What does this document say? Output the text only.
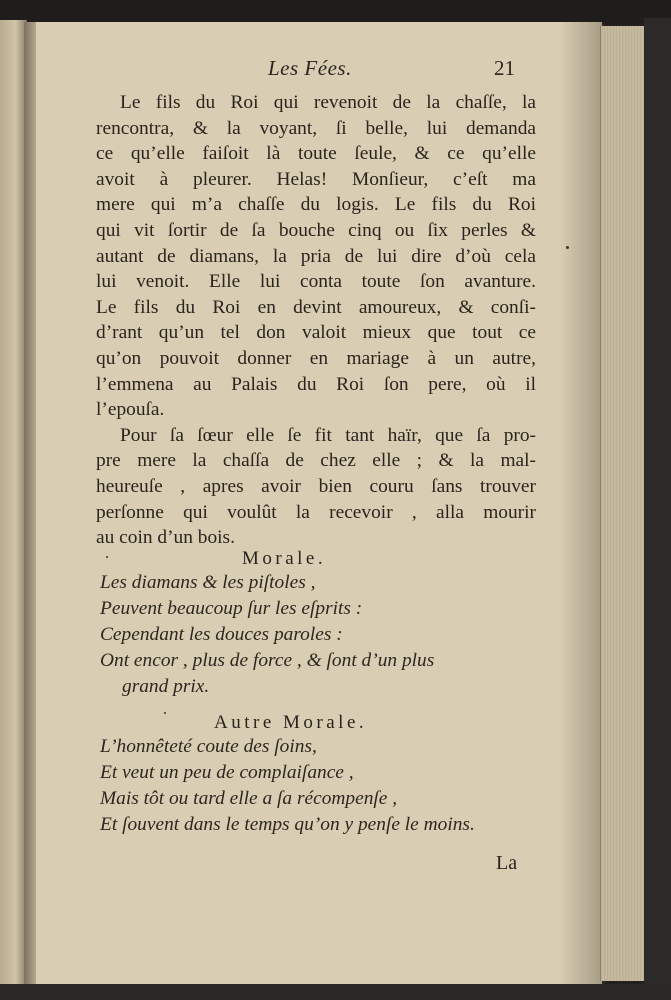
Les Fées.	21

Le fils du Roi qui revenoit de la chaſſe, la
rencontra, & la voyant, ſi belle, lui demanda
ce qu’elle faiſoit là toute ſeule, & ce qu’elle
avoit à pleurer. Helas! Monſieur, c’eſt ma
mere qui m’a chaſſe du logis. Le fils du Roi
qui vit ſortir de ſa bouche cinq ou ſix perles &
autant de diamans, la pria de lui dire d’où cela
lui venoit. Elle lui conta toute ſon avanture.
Le fils du Roi en devint amoureux, & conſi-
d’rant qu’un tel don valoit mieux que tout ce
qu’on pouvoit donner en mariage à un autre,
l’emmena au Palais du Roi ſon pere, où il
l’epouſa.

Pour ſa ſœur elle ſe fit tant haïr, que ſa pro-
pre mere la chaſſa de chez elle ; & la mal-
heureuſe , apres avoir bien couru ſans trouver
perſonne qui voulût la recevoir , alla mourir
au coin d’un bois.

Morale.
Les diamans & les piſtoles ,
Peuvent beaucoup ſur les eſprits :
Cependant les douces paroles :
Ont encor , plus de force , & ſont d’un plus
grand prix.
Autre Morale.
L’honnêteté coute des ſoins,
Et veut un peu de complaiſance ,
Mais tôt ou tard elle a ſa récompenſe ,
Et ſouvent dans le temps qu’on y penſe le moins.
La
